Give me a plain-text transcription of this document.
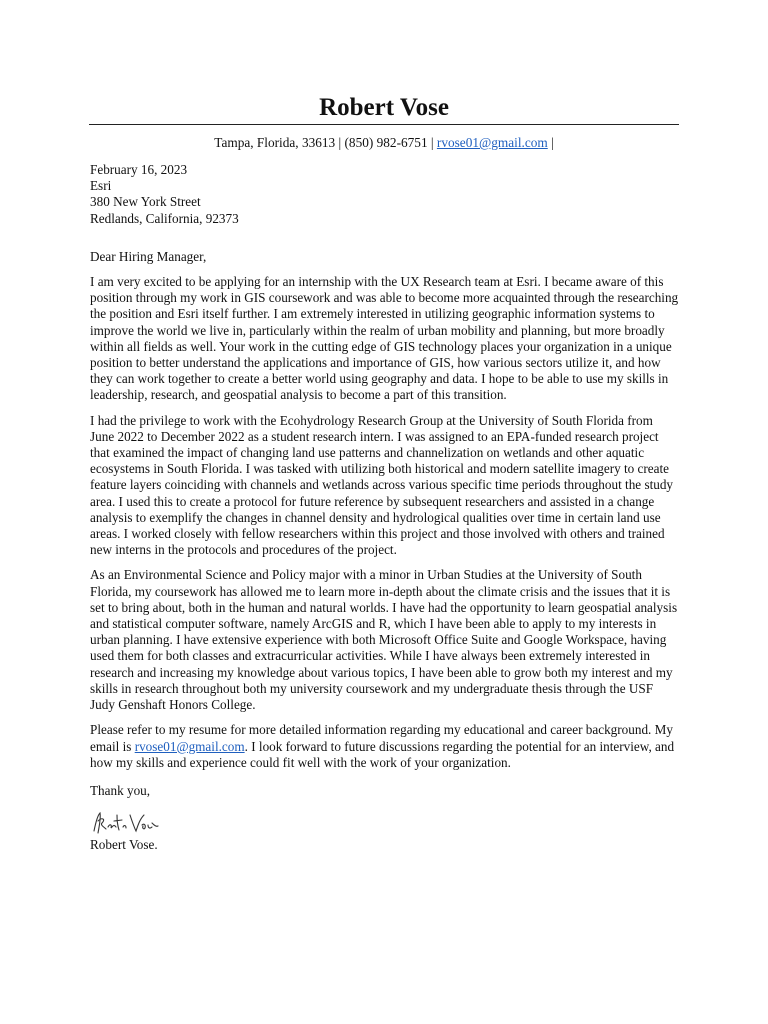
Robert Vose
Tampa, Florida, 33613 | (850) 982-6751 | rvose01@gmail.com |
February 16, 2023
Esri
380 New York Street
Redlands, California, 92373
Dear Hiring Manager,

I am very excited to be applying for an internship with the UX Research team at Esri. I became aware of this position through my work in GIS coursework and was able to become more acquainted through the researching the position and Esri itself further. I am extremely interested in utilizing geographic information systems to improve the world we live in, particularly within the realm of urban mobility and planning, but more broadly within all fields as well. Your work in the cutting edge of GIS technology places your organization in a unique position to better understand the applications and importance of GIS, how various sectors utilize it, and how they can work together to create a better world using geography and data. I hope to be able to use my skills in leadership, research, and geospatial analysis to become a part of this transition.

I had the privilege to work with the Ecohydrology Research Group at the University of South Florida from June 2022 to December 2022 as a student research intern. I was assigned to an EPA-funded research project that examined the impact of changing land use patterns and channelization on wetlands and other aquatic ecosystems in South Florida. I was tasked with utilizing both historical and modern satellite imagery to create feature layers coinciding with channels and wetlands across various specific time periods throughout the study area. I used this to create a protocol for future reference by subsequent researchers and assisted in a change analysis to exemplify the changes in channel density and hydrological qualities over time in certain land use areas. I worked closely with fellow researchers within this project and those involved with others and trained new interns in the protocols and procedures of the project.

As an Environmental Science and Policy major with a minor in Urban Studies at the University of South Florida, my coursework has allowed me to learn more in-depth about the climate crisis and the issues that it is set to bring about, both in the human and natural worlds. I have had the opportunity to learn geospatial analysis and statistical computer software, namely ArcGIS and R, which I have been able to apply to my interests in urban planning. I have extensive experience with both Microsoft Office Suite and Google Workspace, having used them for both classes and extracurricular activities. While I have always been extremely interested in research and increasing my knowledge about various topics, I have been able to grow both my interest and my skills in research throughout both my university coursework and my undergraduate thesis through the USF Judy Genshaft Honors College.

Please refer to my resume for more detailed information regarding my educational and career background. My email is rvose01@gmail.com. I look forward to future discussions regarding the potential for an interview, and how my skills and experience could fit well with the work of your organization.

Thank you,
Robert Vose.
